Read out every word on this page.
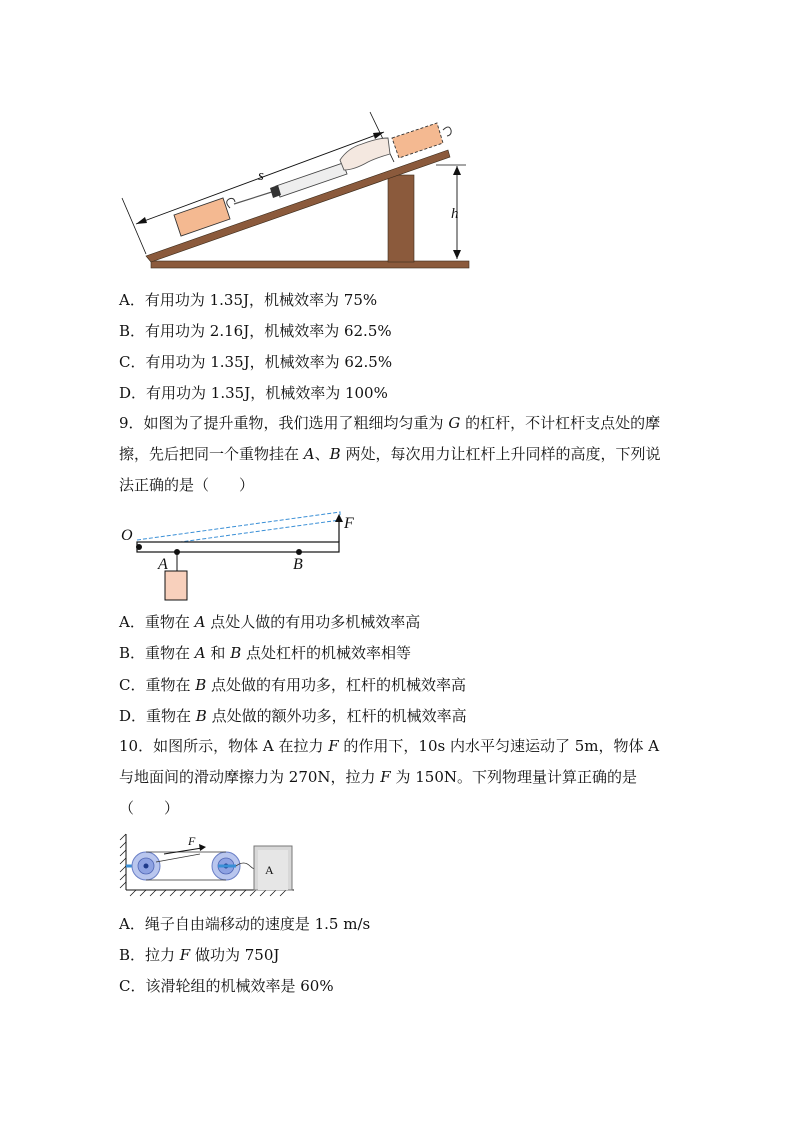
s
h
A．有用功为 1.35J，机械效率为 75%
B．有用功为 2.16J，机械效率为 62.5%
C．有用功为 1.35J，机械效率为 62.5%
D．有用功为 1.35J，机械效率为 100%
9．如图为了提升重物，我们选用了粗细均匀重为 G 的杠杆，不计杠杆支点处的摩擦，先后把同一个重物挂在 A、B 两处，每次用力让杠杆上升同样的高度，下列说法正确的是（　　）
F
O
A	B
A．重物在 A 点处人做的有用功多机械效率高
B．重物在 A 和 B 点处杠杆的机械效率相等
C．重物在 B 点处做的有用功多，杠杆的机械效率高
D．重物在 B 点处做的额外功多，杠杆的机械效率高
10．如图所示，物体 A 在拉力 F 的作用下，10s 内水平匀速运动了 5m，物体 A 与地面间的滑动摩擦力为 270N，拉力 F 为 150N。下列物理量计算正确的是（　　）
F
A
A．绳子自由端移动的速度是 1.5 m/s
B．拉力 F 做功为 750J
C．该滑轮组的机械效率是 60%
